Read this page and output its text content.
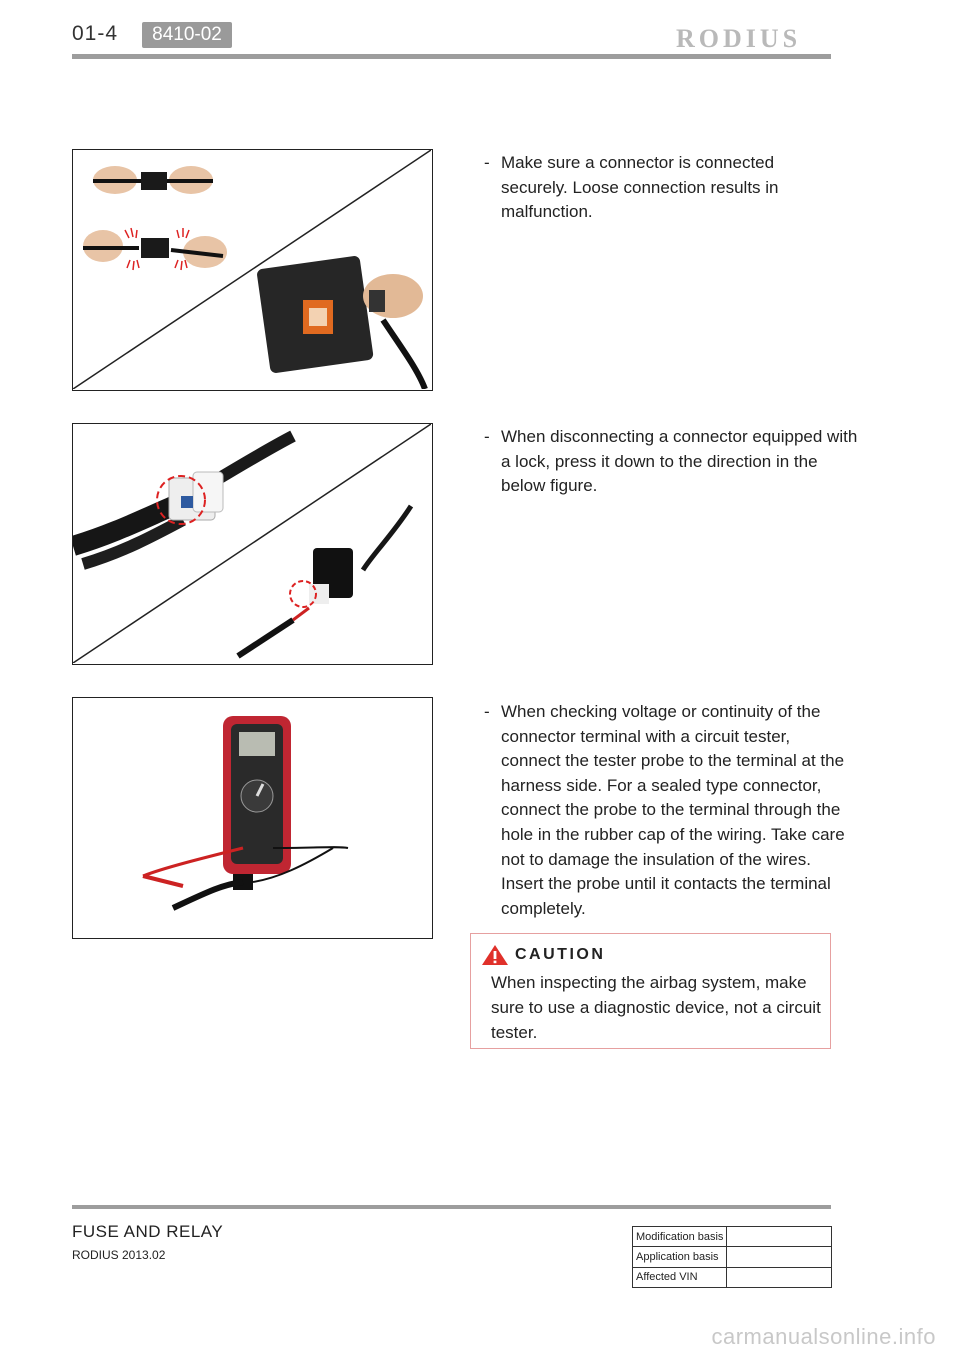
01-4	8410-02	RODIUS
- Make sure a connector is connected securely. Loose connection results in malfunction.
- When disconnecting a connector equipped with a lock, press it down to the direction in the below figure.
- When checking voltage or continuity of the connector terminal with a circuit tester, connect the tester probe to the terminal at the harness side. For a sealed type connector, connect the probe to the terminal through the hole in the rubber cap of the wiring. Take care not to damage the insulation of the wires. Insert the probe until it contacts the terminal completely.
CAUTION
When inspecting the airbag system, make sure to use a diagnostic device, not a circuit tester.
FUSE AND RELAY
RODIUS 2013.02
Modification basis	
Application basis	
Affected VIN	
carmanualsonline.info
